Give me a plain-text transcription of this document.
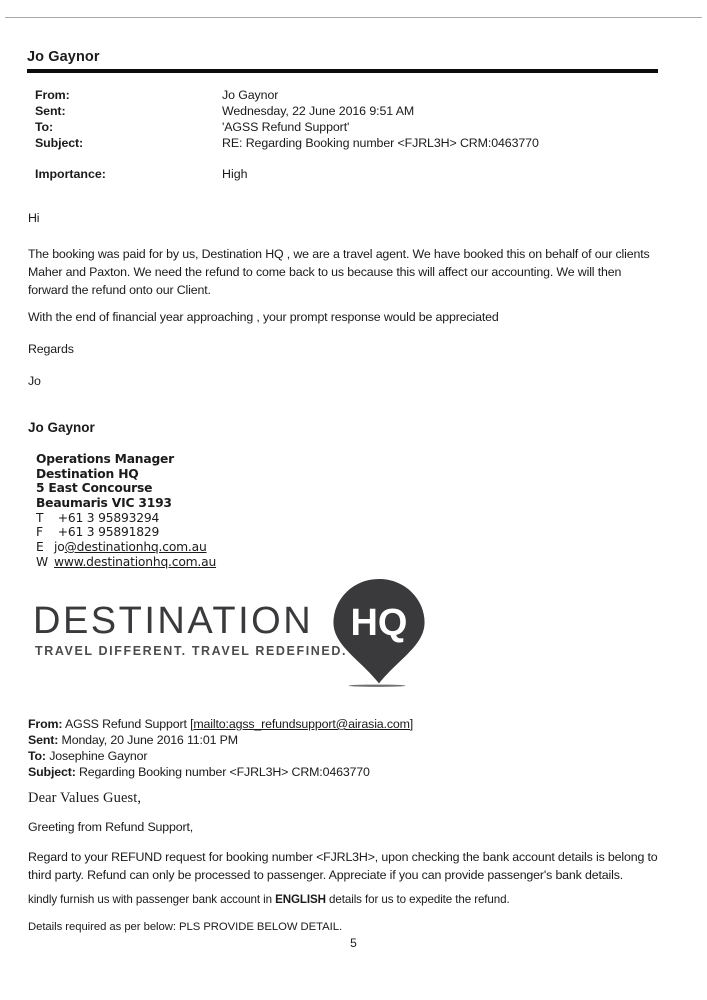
Jo Gaynor
From:	Jo Gaynor
Sent:	Wednesday, 22 June 2016 9:51 AM
To:	'AGSS Refund Support'
Subject:	RE: Regarding Booking number <FJRL3H> CRM:0463770
Importance:	High
Hi
The booking was paid for by us, Destination HQ , we are a travel agent. We have booked this on behalf of our clients
Maher and Paxton. We need the refund to come back to us because this will affect our accounting. We will then
forward the refund onto our Client.
With the end of financial year approaching , your prompt response would be appreciated
Regards
Jo
Jo Gaynor
Operations Manager
Destination HQ
5 East Concourse
Beaumaris VIC 3193
T +61 3 95893294
F +61 3 95891829
E jo@destinationhq.com.au
W www.destinationhq.com.au
DESTINATION
TRAVEL DIFFERENT. TRAVEL REDEFINED.
HQ
From: AGSS Refund Support [mailto:agss_refundsupport@airasia.com]
Sent: Monday, 20 June 2016 11:01 PM
To: Josephine Gaynor
Subject: Regarding Booking number <FJRL3H> CRM:0463770
Dear Values Guest,
Greeting from Refund Support,
Regard to your REFUND request for booking number <FJRL3H>, upon checking the bank account details is belong to
third party. Refund can only be processed to passenger. Appreciate if you can provide passenger's bank details.
kindly furnish us with passenger bank account in ENGLISH details for us to expedite the refund.
Details required as per below: PLS PROVIDE BELOW DETAIL.
5
